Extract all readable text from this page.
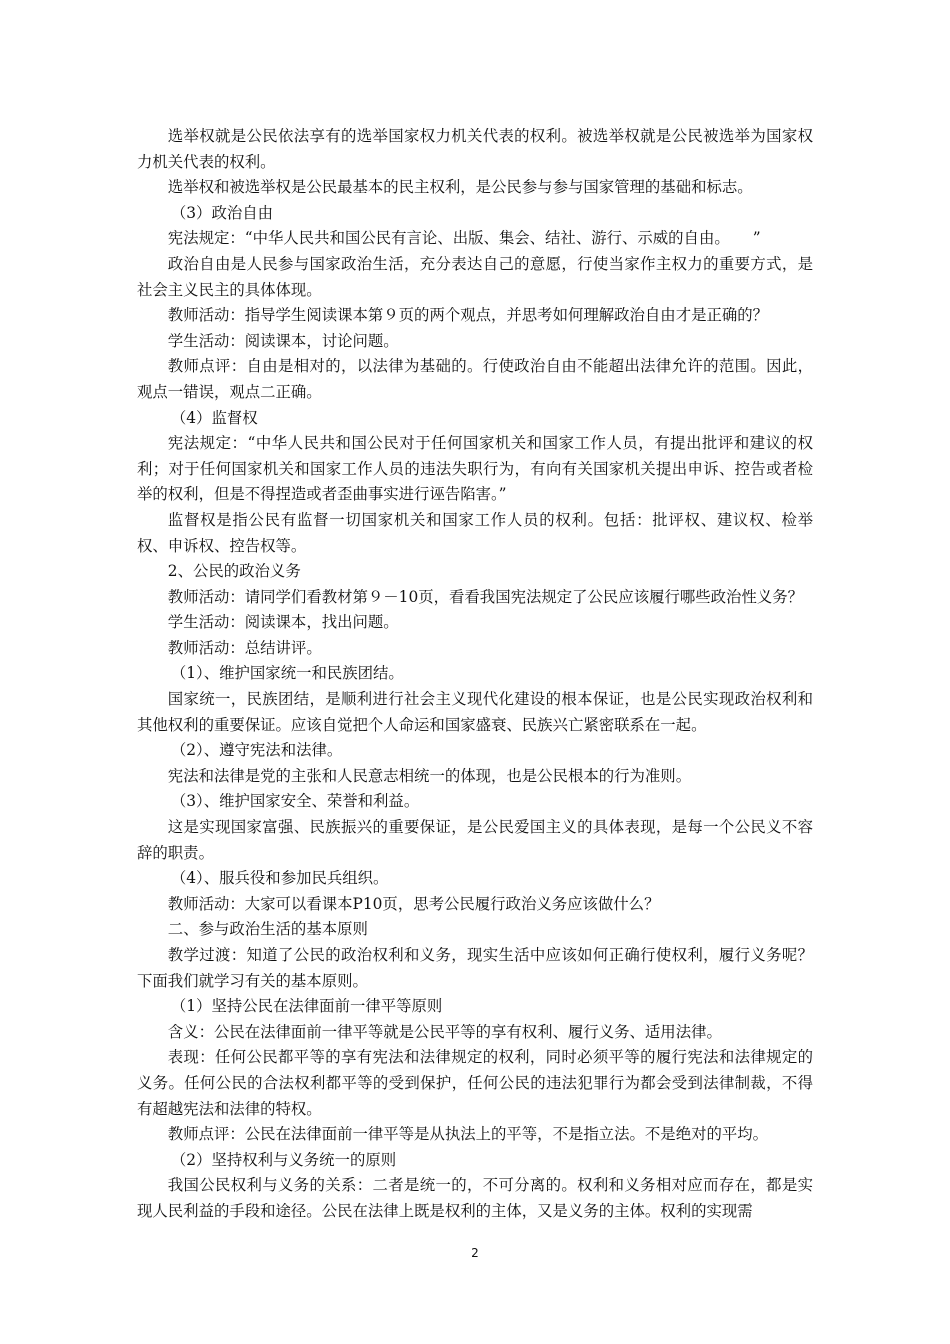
选举权就是公民依法享有的选举国家权力机关代表的权利。被选举权就是公民被选举为国家权力机关代表的权利。

选举权和被选举权是公民最基本的民主权利，是公民参与参与国家管理的基础和标志。

（3）政治自由

宪法规定：“中华人民共和国公民有言论、出版、集会、结社、游行、示威的自由。　　”

政治自由是人民参与国家政治生活，充分表达自己的意愿，行使当家作主权力的重要方式，是社会主义民主的具体体现。

教师活动：指导学生阅读课本第９页的两个观点，并思考如何理解政治自由才是正确的？

学生活动：阅读课本，讨论问题。

教师点评：自由是相对的，以法律为基础的。行使政治自由不能超出法律允许的范围。因此，观点一错误，观点二正确。

（4）监督权

宪法规定：“中华人民共和国公民对于任何国家机关和国家工作人员，有提出批评和建议的权利；对于任何国家机关和国家工作人员的违法失职行为，有向有关国家机关提出申诉、控告或者检举的权利，但是不得捏造或者歪曲事实进行诬告陷害。”

监督权是指公民有监督一切国家机关和国家工作人员的权利。包括：批评权、建议权、检举权、申诉权、控告权等。

2、公民的政治义务

教师活动：请同学们看教材第９－10页，看看我国宪法规定了公民应该履行哪些政治性义务？

学生活动：阅读课本，找出问题。

教师活动：总结讲评。

（1）、维护国家统一和民族团结。

国家统一，民族团结，是顺利进行社会主义现代化建设的根本保证，也是公民实现政治权利和其他权利的重要保证。应该自觉把个人命运和国家盛衰、民族兴亡紧密联系在一起。

（2）、遵守宪法和法律。

宪法和法律是党的主张和人民意志相统一的体现，也是公民根本的行为准则。

（3）、维护国家安全、荣誉和利益。

这是实现国家富强、民族振兴的重要保证，是公民爱国主义的具体表现，是每一个公民义不容辞的职责。

（4）、服兵役和参加民兵组织。

教师活动：大家可以看课本P10页，思考公民履行政治义务应该做什么？

二、参与政治生活的基本原则

教学过渡：知道了公民的政治权利和义务，现实生活中应该如何正确行使权利，履行义务呢？下面我们就学习有关的基本原则。

（1）坚持公民在法律面前一律平等原则

含义：公民在法律面前一律平等就是公民平等的享有权利、履行义务、适用法律。

表现：任何公民都平等的享有宪法和法律规定的权利，同时必须平等的履行宪法和法律规定的义务。任何公民的合法权利都平等的受到保护，任何公民的违法犯罪行为都会受到法律制裁，不得有超越宪法和法律的特权。

教师点评：公民在法律面前一律平等是从执法上的平等，不是指立法。不是绝对的平均。

（2）坚持权利与义务统一的原则

我国公民权利与义务的关系：二者是统一的，不可分离的。权利和义务相对应而存在，都是实现人民利益的手段和途径。公民在法律上既是权利的主体，又是义务的主体。权利的实现需

2
